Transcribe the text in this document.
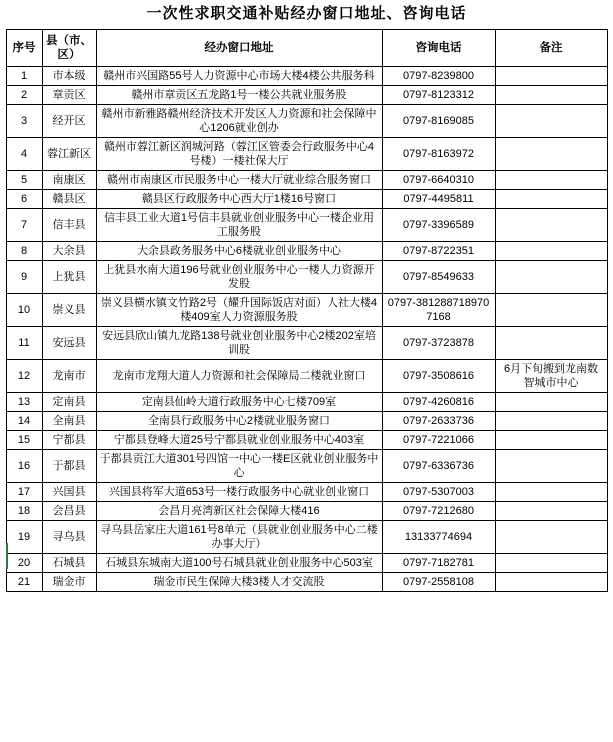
一次性求职交通补贴经办窗口地址、咨询电话
序号	县（市、区）	经办窗口地址	咨询电话	备注
1	市本级	赣州市兴国路55号人力资源中心市场大楼4楼公共服务科	0797-8239800	
2	章贡区	赣州市章贡区五龙路1号一楼公共就业服务股	0797-8123312	
3	经开区	赣州市新雅路赣州经济技术开发区人力资源和社会保障中心1206就业创办	0797-8169085	
4	蓉江新区	赣州市蓉江新区润城河路（蓉江区管委会行政服务中心4号楼）一楼社保大厅	0797-8163972	
5	南康区	赣州市南康区市民服务中心一楼大厅就业综合服务窗口	0797-6640310	
6	赣县区	赣县区行政服务中心西大厅1楼16号窗口	0797-4495811	
7	信丰县	信丰县工业大道1号信丰县就业创业服务中心一楼企业用工服务股	0797-3396589	
8	大余县	大余县政务服务中心6楼就业创业服务中心	0797-8722351	
9	上犹县	上犹县水南大道196号就业创业服务中心一楼人力资源开发股	0797-8549633	
10	崇义县	崇义县横水镇文竹路2号（耀升国际饭店对面）人社大楼4楼409室人力资源服务股	0797-3812887189707168	
11	安远县	安远县欣山镇九龙路138号就业创业服务中心2楼202室培训股	0797-3723878	
12	龙南市	龙南市龙翔大道人力资源和社会保障局二楼就业窗口	0797-3508616	6月下旬搬到龙南数智城市中心
13	定南县	定南县仙岭大道行政服务中心七楼709室	0797-4260816	
14	全南县	全南县行政服务中心2楼就业服务窗口	0797-2633736	
15	宁都县	宁都县登峰大道25号宁都县就业创业服务中心403室	0797-7221066	
16	于都县	于都县贡江大道301号四馆一中心一楼E区就业创业服务中心	0797-6336736	
17	兴国县	兴国县将军大道653号一楼行政服务中心就业创业窗口	0797-5307003	
18	会昌县	会昌月亮湾新区社会保障大楼416	0797-7212680	
19	寻乌县	寻乌县岳家庄大道161号8单元（县就业创业服务中心二楼办事大厅）	13133774694	
20	石城县	石城县东城南大道100号石城县就业创业服务中心503室	0797-7182781	
21	瑞金市	瑞金市民生保障大楼3楼人才交流股	0797-2558108	
